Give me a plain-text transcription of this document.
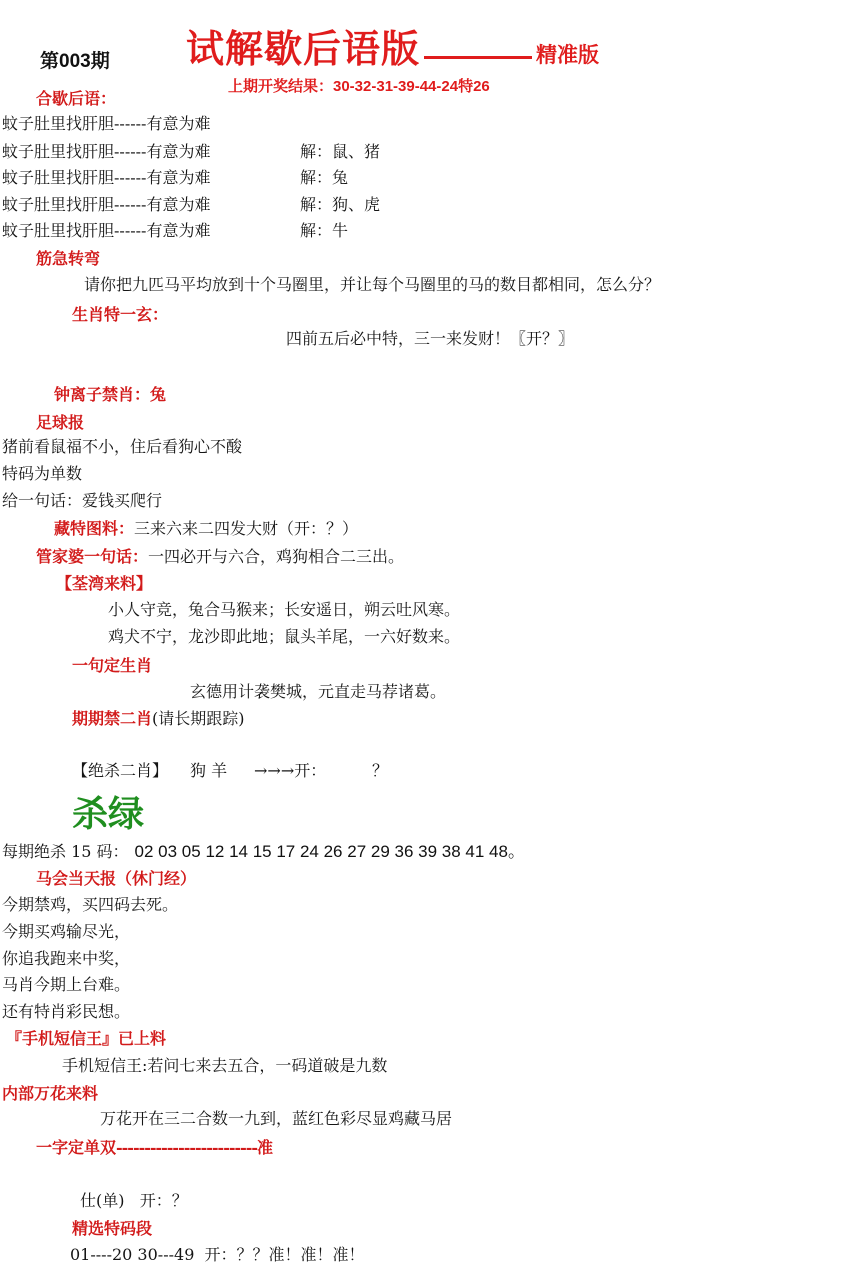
第003期 试解歇后语版	精准版
上期开奖结果：30-32-31-39-44-24特26
合歇后语：
蚊子肚里找肝胆------有意为难
蚊子肚里找肝胆------有意为难	解：鼠、猪
蚊子肚里找肝胆------有意为难	解：兔
蚊子肚里找肝胆------有意为难	解：狗、虎
蚊子肚里找肝胆------有意为难	解：牛
筋急转弯
请你把九匹马平均放到十个马圈里，并让每个马圈里的马的数目都相同，怎么分？
生肖特一玄：
四前五后必中特，三一来发财！〖开？〗
钟离子禁肖：兔
足球报
猪前看鼠福不小，住后看狗心不酸
特码为单数
给一句话：爱钱买爬行
藏特图料：三来六来二四发大财（开：？）
管家婆一句话：一四必开与六合，鸡狗相合二三出。
【荃湾来料】
小人守竞，兔合马猴来；长安遥日，朔云吐风寒。
鸡犬不宁，龙沙即此地；鼠头羊尾，一六好数来。
一句定生肖
玄德用计袭樊城，元直走马荐诸葛。
期期禁二肖(请长期跟踪)
【绝杀二肖】 狗 羊 →→→开：	？
杀绿
每期绝杀 15 码： 02 03 05 12 14 15 17 24 26 27 29 36 39 38 41 48。
马会当天报（休门经）
今期禁鸡，买四码去死。
今期买鸡输尽光，
你追我跑来中奖，
马肖今期上台难。
还有特肖彩民想。
『手机短信王』已上料
手机短信王:若问七来去五合，一码道破是九数
内部万花来料
万花开在三二合数一九到，蓝红色彩尽显鸡藏马居
一字定单双-------------------------准
仕(单)   开：？
精选特码段
01----20 30---49  开：？？准！准！准！
